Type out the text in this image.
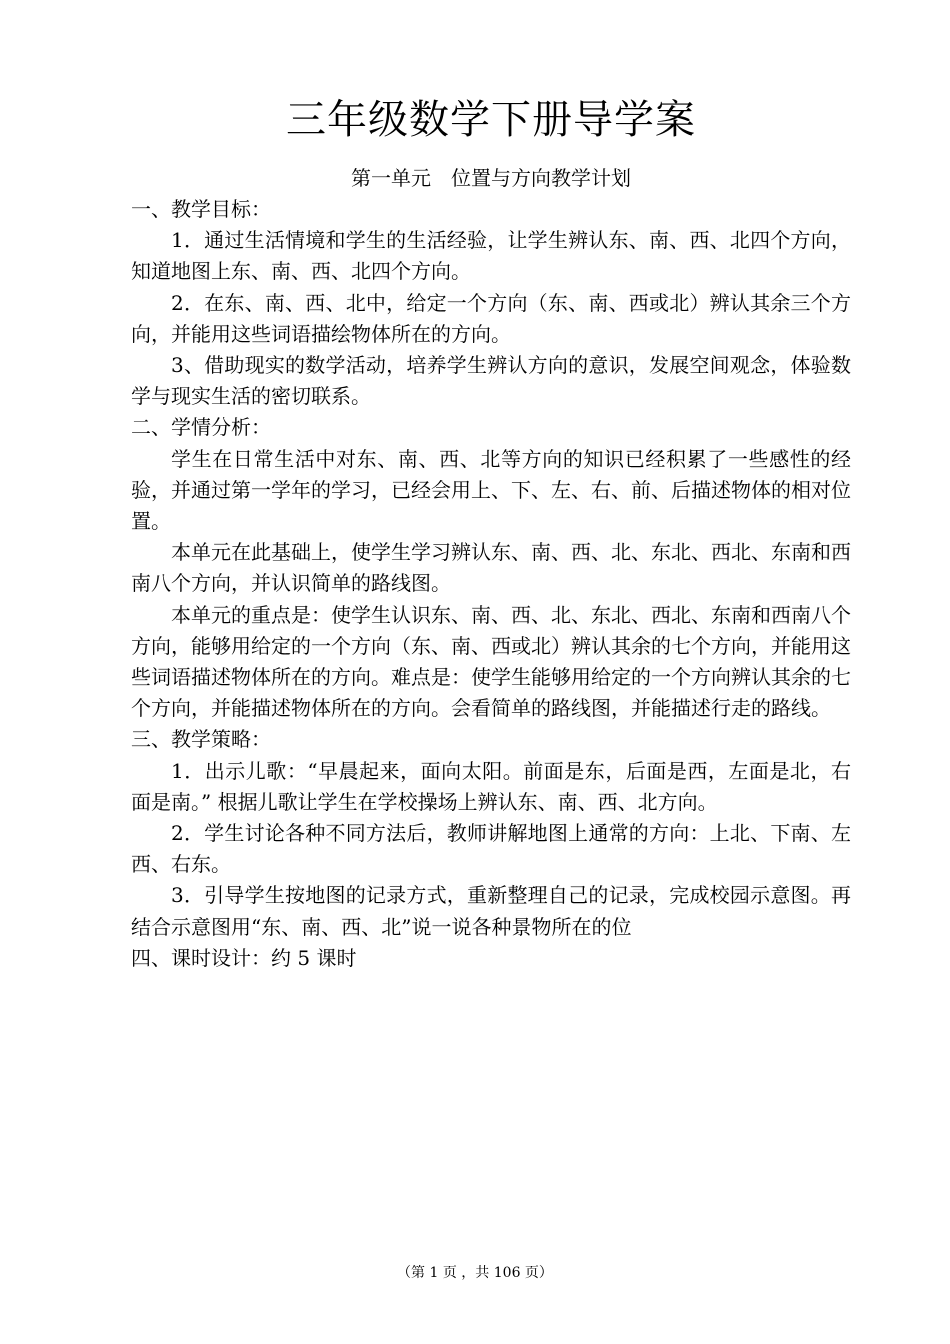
三年级数学下册导学案
第一单元　位置与方向教学计划
一、教学目标：

1．通过生活情境和学生的生活经验，让学生辨认东、南、西、北四个方向，知道地图上东、南、西、北四个方向。

2．在东、南、西、北中，给定一个方向（东、南、西或北）辨认其余三个方向，并能用这些词语描绘物体所在的方向。

3、借助现实的数学活动，培养学生辨认方向的意识，发展空间观念，体验数学与现实生活的密切联系。

二、学情分析：

学生在日常生活中对东、南、西、北等方向的知识已经积累了一些感性的经验，并通过第一学年的学习，已经会用上、下、左、右、前、后描述物体的相对位置。

本单元在此基础上，使学生学习辨认东、南、西、北、东北、西北、东南和西南八个方向，并认识简单的路线图。

本单元的重点是：使学生认识东、南、西、北、东北、西北、东南和西南八个方向，能够用给定的一个方向（东、南、西或北）辨认其余的七个方向，并能用这些词语描述物体所在的方向。难点是：使学生能够用给定的一个方向辨认其余的七个方向，并能描述物体所在的方向。会看简单的路线图，并能描述行走的路线。

三、教学策略：

1．出示儿歌：“早晨起来，面向太阳。前面是东，后面是西，左面是北，右面是南。” 根据儿歌让学生在学校操场上辨认东、南、西、北方向。

2．学生讨论各种不同方法后，教师讲解地图上通常的方向：上北、下南、左西、右东。

3．引导学生按地图的记录方式，重新整理自己的记录，完成校园示意图。再结合示意图用“东、南、西、北”说一说各种景物所在的位

四、课时设计：约 5 课时
（第 1 页 ，共 106 页）
